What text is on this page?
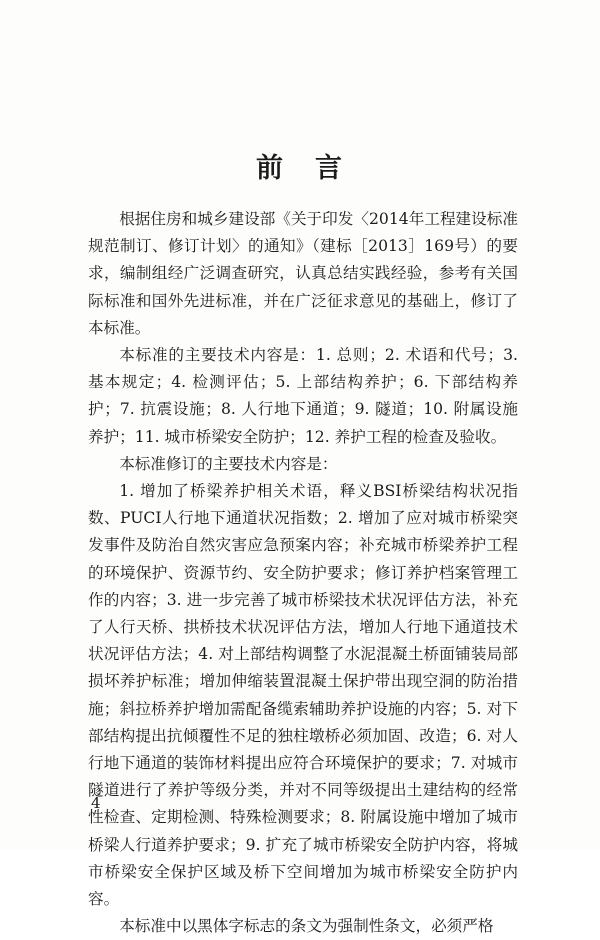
前 言

根据住房和城乡建设部《关于印发〈2014年工程建设标准规范制订、修订计划〉的通知》（建标［2013］169号）的要求，编制组经广泛调查研究，认真总结实践经验，参考有关国际标准和国外先进标准，并在广泛征求意见的基础上，修订了本标准。

本标准的主要技术内容是：1. 总则；2. 术语和代号；3. 基本规定；4. 检测评估；5. 上部结构养护；6. 下部结构养护；7. 抗震设施；8. 人行地下通道；9. 隧道；10. 附属设施养护；11. 城市桥梁安全防护；12. 养护工程的检查及验收。

本标准修订的主要技术内容是：

1. 增加了桥梁养护相关术语，释义BSI桥梁结构状况指数、PUCI人行地下通道状况指数；2. 增加了应对城市桥梁突发事件及防治自然灾害应急预案内容；补充城市桥梁养护工程的环境保护、资源节约、安全防护要求；修订养护档案管理工作的内容；3. 进一步完善了城市桥梁技术状况评估方法，补充了人行天桥、拱桥技术状况评估方法，增加人行地下通道技术状况评估方法；4. 对上部结构调整了水泥混凝土桥面铺装局部损坏养护标准；增加伸缩装置混凝土保护带出现空洞的防治措施；斜拉桥养护增加需配备缆索辅助养护设施的内容；5. 对下部结构提出抗倾覆性不足的独柱墩桥必须加固、改造；6. 对人行地下通道的装饰材料提出应符合环境保护的要求；7. 对城市隧道进行了养护等级分类，并对不同等级提出土建结构的经常性检查、定期检测、特殊检测要求；8. 附属设施中增加了城市桥梁人行道养护要求；9. 扩充了城市桥梁安全防护内容，将城市桥梁安全保护区域及桥下空间增加为城市桥梁安全防护内容。

本标准中以黑体字标志的条文为强制性条文，必须严格

4
